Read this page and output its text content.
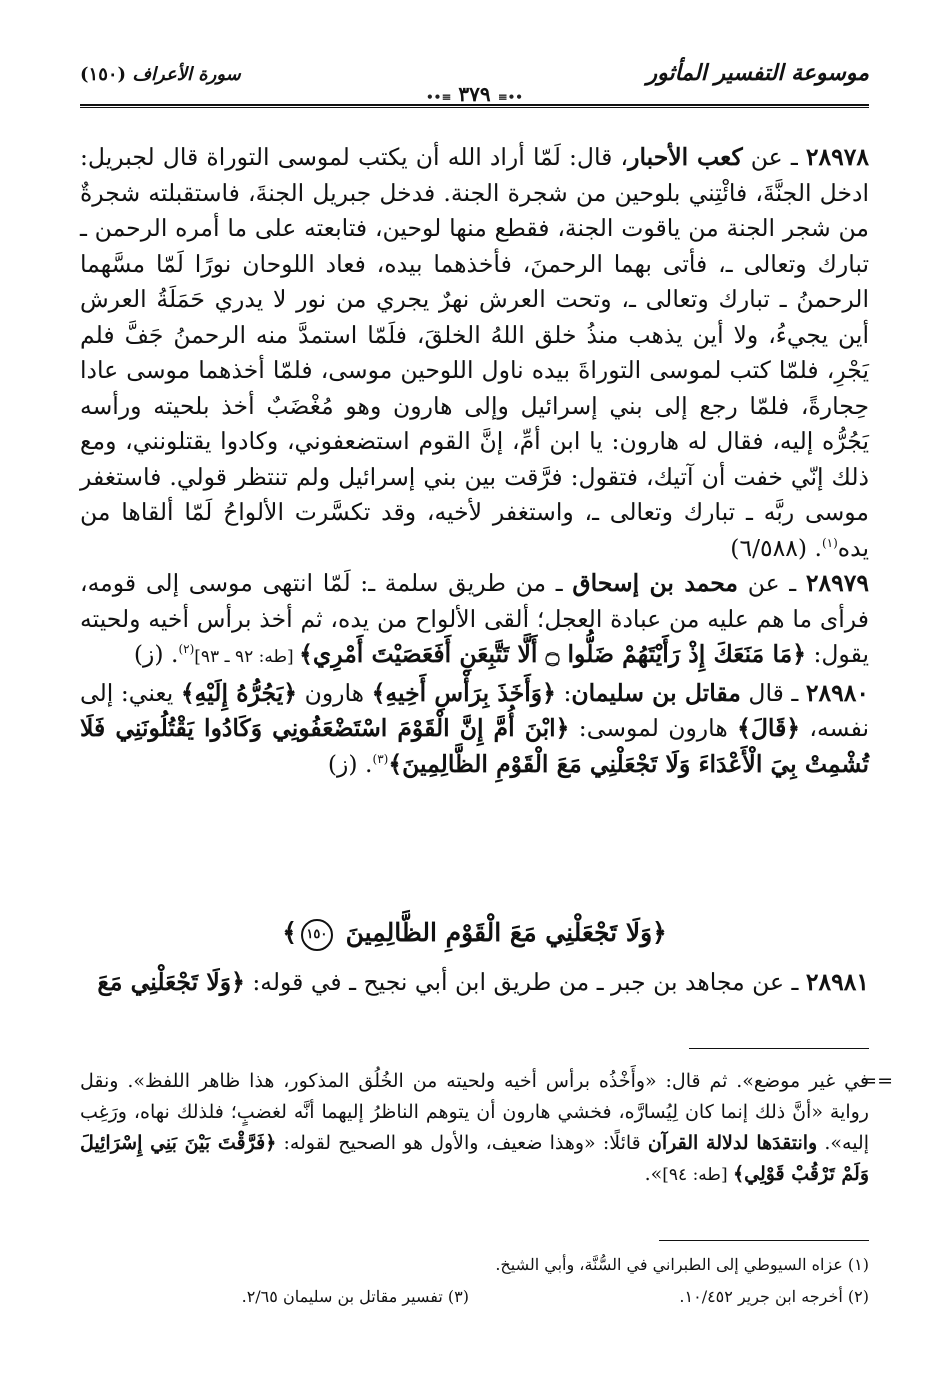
موسوعة التفسير المأثور
••≡ ٣٧٩ ≡••
سورة الأعراف (١٥٠)

٢٨٩٧٨ ـ عن كعب الأحبار، قال: لَمّا أراد الله أن يكتب لموسى التوراة قال لجبريل: ادخل الجنَّةَ، فائْتِني بلوحين من شجرة الجنة. فدخل جبريل الجنةَ، فاستقبلته شجرةٌ من شجر الجنة من ياقوت الجنة، فقطع منها لوحين، فتابعته على ما أمره الرحمن ـ تبارك وتعالى ـ، فأتى بهما الرحمنَ، فأخذهما بيده، فعاد اللوحان نورًا لَمّا مسَّهما الرحمنُ ـ تبارك وتعالى ـ، وتحت العرش نهرٌ يجري من نور لا يدري حَمَلَةُ العرش أين يجيءُ، ولا أين يذهب منذُ خلق اللهُ الخلقَ، فلَمّا استمدَّ منه الرحمنُ جَفَّ فلم يَجْرِ، فلمّا كتب لموسى التوراةَ بيده ناول اللوحين موسى، فلمّا أخذهما موسى عادا حِجارةً، فلمّا رجع إلى بني إسرائيل وإلى هارون وهو مُغْضَبٌ أخذ بلحيته ورأسه يَجُرُّه إليه، فقال له هارون: يا ابن أمِّ، إنَّ القوم استضعفوني، وكادوا يقتلونني، ومع ذلك إنّي خفت أن آتيك، فتقول: فرَّقت بين بني إسرائيل ولم تنتظر قولي. فاستغفر موسى ربَّه ـ تبارك وتعالى ـ، واستغفر لأخيه، وقد تكسَّرت الألواحُ لَمّا ألقاها من يده$^{(١)}$. (٦/٥٨٨)

٢٨٩٧٩ ـ عن محمد بن إسحاق ـ من طريق سلمة ـ: لَمّا انتهى موسى إلى قومه، فرأى ما هم عليه من عبادة العجل؛ ألقى الألواح من يده، ثم أخذ برأس أخيه ولحيته يقول: ﴿مَا مَنَعَكَ إِذْ رَأَيْتَهُمْ ضَلُّوا ۝ أَلَّا تَتَّبِعَنِ أَفَعَصَيْتَ أَمْرِي﴾ [طه: ٩٢ ـ ٩٣]$^{(٢)}$. (ز)

٢٨٩٨٠ ـ قال مقاتل بن سليمان: ﴿وَأَخَذَ بِرَأْسِ أَخِيهِ﴾ هارون ﴿يَجُرُّهُ إِلَيْهِ﴾ يعني: إلى نفسه، ﴿قَالَ﴾ هارون لموسى: ﴿ابْنَ أُمَّ إِنَّ الْقَوْمَ اسْتَضْعَفُونِي وَكَادُوا يَقْتُلُونَنِي فَلَا تُشْمِتْ بِيَ الْأَعْدَاءَ وَلَا تَجْعَلْنِي مَعَ الْقَوْمِ الظَّالِمِينَ﴾$^{(٣)}$. (ز)

﴿وَلَا تَجْعَلْنِي مَعَ الْقَوْمِ الظَّالِمِينَ ١٥٠﴾

٢٨٩٨١ ـ عن مجاهد بن جبر ـ من طريق ابن أبي نجيح ـ في قوله: ﴿وَلَا تَجْعَلْنِي مَعَ

==

في غير موضع». ثم قال: «وأَخْذُه برأس أخيه ولحيته من الخُلُق المذكور، هذا ظاهر اللفظ». ونقل رواية «أنَّ ذلك إنما كان لِيُسارَّه، فخشي هارون أن يتوهم الناظرُ إليهما أنَّه لغضبٍ؛ فلذلك نهاه، ورَغِب إليه». وانتقدَها لدلالة القرآن قائلًا: «وهذا ضعيف، والأول هو الصحيح لقوله: ﴿فَرَّقْتَ بَيْنَ بَنِي إِسْرَائِيلَ وَلَمْ تَرْقُبْ قَوْلِي﴾ [طه: ٩٤]».

(١) عزاه السيوطي إلى الطبراني في السُّنَّة، وأبي الشيخ.
(٢) أخرجه ابن جرير ١٠/٤٥٢.
(٣) تفسير مقاتل بن سليمان ٢/٦٥.
